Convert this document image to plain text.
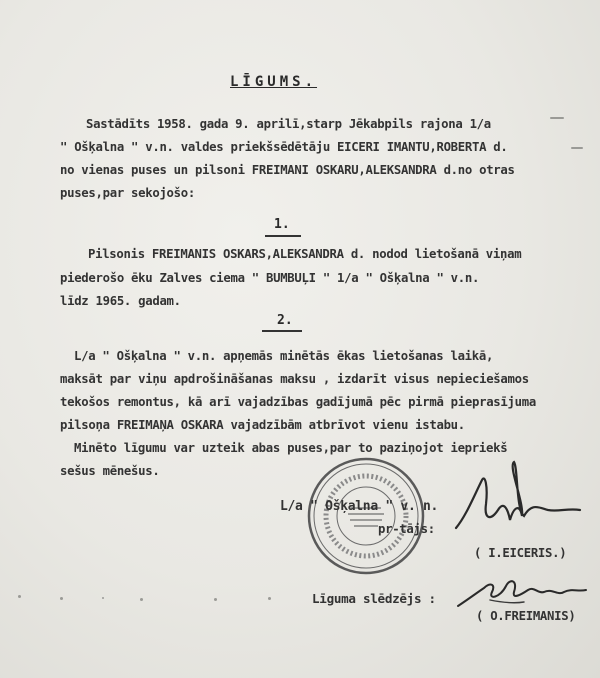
LĪGUMS.
Sastādīts 1958. gada 9. aprilī,starp Jēkabpils rajona 1/a
" Ošķalna " v.n. valdes priekšsēdētāju EICERI IMANTU,ROBERTA d.
no vienas puses un pilsoni FREIMANI OSKARU,ALEKSANDRA d.no otras
puses,par sekojošo:
1.
Pilsonis FREIMANIS OSKARS,ALEKSANDRA d. nodod lietošanā viņam
piederošo ēku Zalves ciema " BUMBUĻI " 1/a " Ošķalna " v.n.
līdz 1965. gadam.
2.
L/a " Ošķalna " v.n. apņemās minētās ēkas lietošanas laikā,
maksāt par viņu apdrošināšanas maksu , izdarīt visus nepieciešamos
tekošos remontus, kā arī vajadzības gadījumā pēc pirmā pieprasījuma
pilsoņa FREIMAŅA OSKARA vajadzībām atbrīvot vienu istabu.
Minēto līgumu var uzteik abas puses,par to paziņojot iepriekš
sešus mēnešus.
L/a " Ošķalna " v. n.
pr-tājs:
( I.EICERIS.)
Līguma slēdzējs :
( O.FREIMANIS)
